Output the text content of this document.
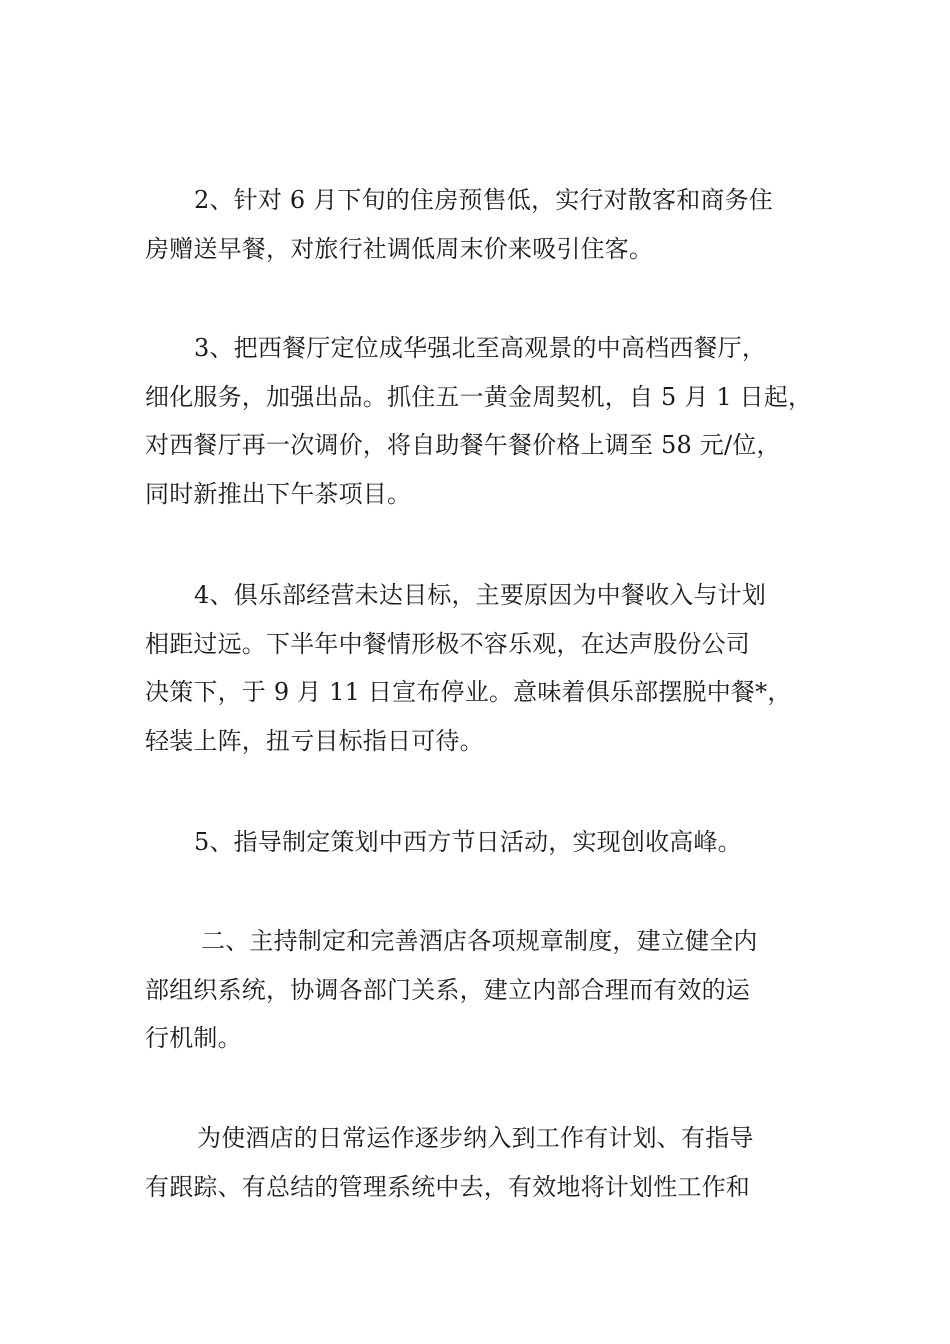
2、针对 6 月下旬的住房预售低，实行对散客和商务住
房赠送早餐，对旅行社调低周末价来吸引住客。

3、把西餐厅定位成华强北至高观景的中高档西餐厅，
细化服务，加强出品。抓住五一黄金周契机，自 5 月 1 日起，
对西餐厅再一次调价，将自助餐午餐价格上调至 58 元/位，
同时新推出下午茶项目。

4、俱乐部经营未达目标，主要原因为中餐收入与计划
相距过远。下半年中餐情形极不容乐观，在达声股份公司
决策下，于 9 月 11 日宣布停业。意味着俱乐部摆脱中餐*，
轻装上阵，扭亏目标指日可待。

5、指导制定策划中西方节日活动，实现创收高峰。

二、主持制定和完善酒店各项规章制度，建立健全内
部组织系统，协调各部门关系，建立内部合理而有效的运
行机制。

为使酒店的日常运作逐步纳入到工作有计划、有指导
有跟踪、有总结的管理系统中去，有效地将计划性工作和
